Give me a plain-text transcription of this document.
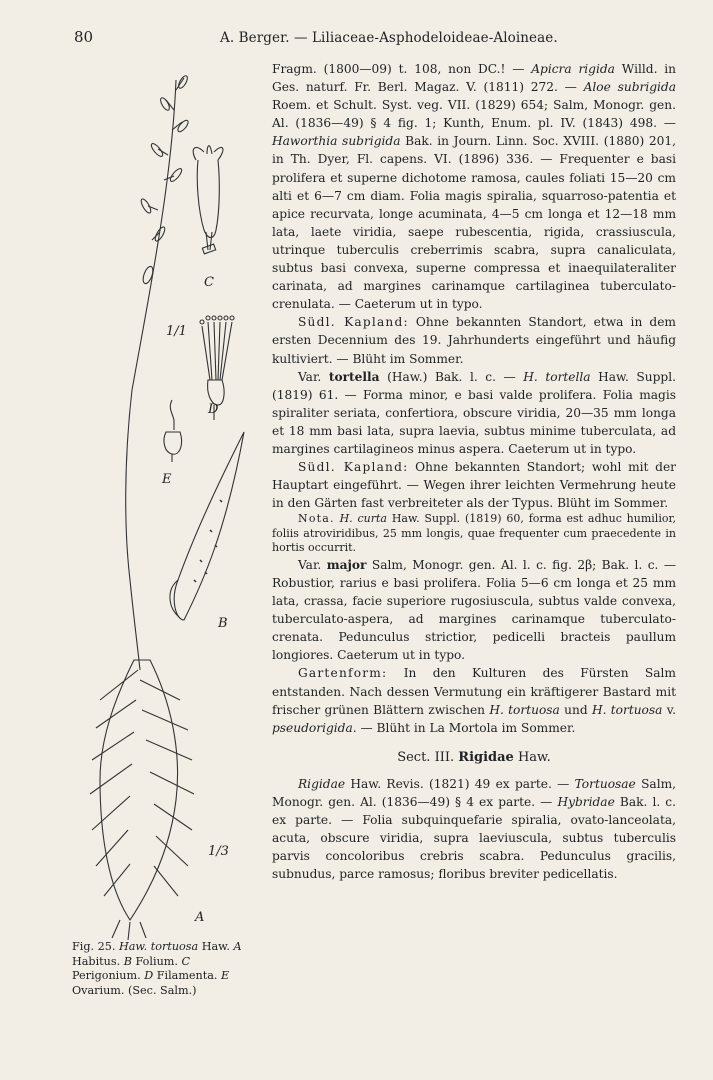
80	A. Berger. — Liliaceae-Asphodeloideae-Aloineae.
C
D
E
B
A
1/1
1/3
Fig. 25. Haw. tortuosa Haw. A Habitus. B Folium. C Perigonium. D Filamenta. E Ovarium. (Sec. Salm.)

Fragm. (1800—09) t. 108, non DC.! — Apicra rigida Willd. in Ges. naturf. Fr. Berl. Magaz. V. (1811) 272. — Aloe subrigida Roem. et Schult. Syst. veg. VII. (1829) 654; Salm, Monogr. gen. Al. (1836—49) § 4 fig. 1; Kunth, Enum. pl. IV. (1843) 498. — Haworthia subrigida Bak. in Journ. Linn. Soc. XVIII. (1880) 201, in Th. Dyer, Fl. capens. VI. (1896) 336. — Frequenter e basi prolifera et superne dichotome ramosa, caules foliati 15—20 cm alti et 6—7 cm diam. Folia magis spiralia, squarroso-patentia et apice recurvata, longe acuminata, 4—5 cm longa et 12—18 mm lata, laete viridia, saepe rubescentia, rigida, crassiuscula, utrinque tuberculis creberrimis scabra, supra canaliculata, subtus basi convexa, superne compressa et inaequilateraliter carinata, ad margines carinamque cartilaginea tuberculato-crenulata. — Caeterum ut in typo.

Südl. Kapland: Ohne bekannten Standort, etwa in dem ersten Decennium des 19. Jahrhunderts eingeführt und häufig kultiviert. — Blüht im Sommer.

Var. tortella (Haw.) Bak. l. c. — H. tortella Haw. Suppl. (1819) 61. — Forma minor, e basi valde prolifera. Folia magis spiraliter seriata, confertiora, obscure viridia, 20—35 mm longa et 18 mm basi lata, supra laevia, subtus minime tuberculata, ad margines cartilagineos minus aspera. Caeterum ut in typo.

Südl. Kapland: Ohne bekannten Standort; wohl mit der Hauptart eingeführt. — Wegen ihrer leichten Vermehrung heute in den Gärten fast verbreiteter als der Typus. Blüht im Sommer.

Nota. H. curta Haw. Suppl. (1819) 60, forma est adhuc humilior, foliis atroviridibus, 25 mm longis, quae frequenter cum praecedente in hortis occurrit.

Var. major Salm, Monogr. gen. Al. l. c. fig. 2β; Bak. l. c. — Robustior, rarius e basi prolifera. Folia 5—6 cm longa et 25 mm lata, crassa, facie superiore rugosiuscula, subtus valde convexa, tuberculato-aspera, ad margines carinamque tuberculato-crenata. Pedunculus strictior, pedicelli bracteis paullum longiores. Caeterum ut in typo.

Gartenform: In den Kulturen des Fürsten Salm entstanden. Nach dessen Vermutung ein kräftigerer Bastard mit frischer grünen Blättern zwischen H. tortuosa und H. tortuosa v. pseudorigida. — Blüht in La Mortola im Sommer.

Sect. III. Rigidae Haw.

Rigidae Haw. Revis. (1821) 49 ex parte. — Tortuosae Salm, Monogr. gen. Al. (1836—49) § 4 ex parte. — Hybridae Bak. l. c. ex parte. — Folia subquinquefarie spiralia, ovato-lanceolata, acuta, obscure viridia, supra laeviuscula, subtus tuberculis parvis concoloribus crebris scabra. Pedunculus gracilis, subnudus, parce ramosus; floribus breviter pedicellatis.
